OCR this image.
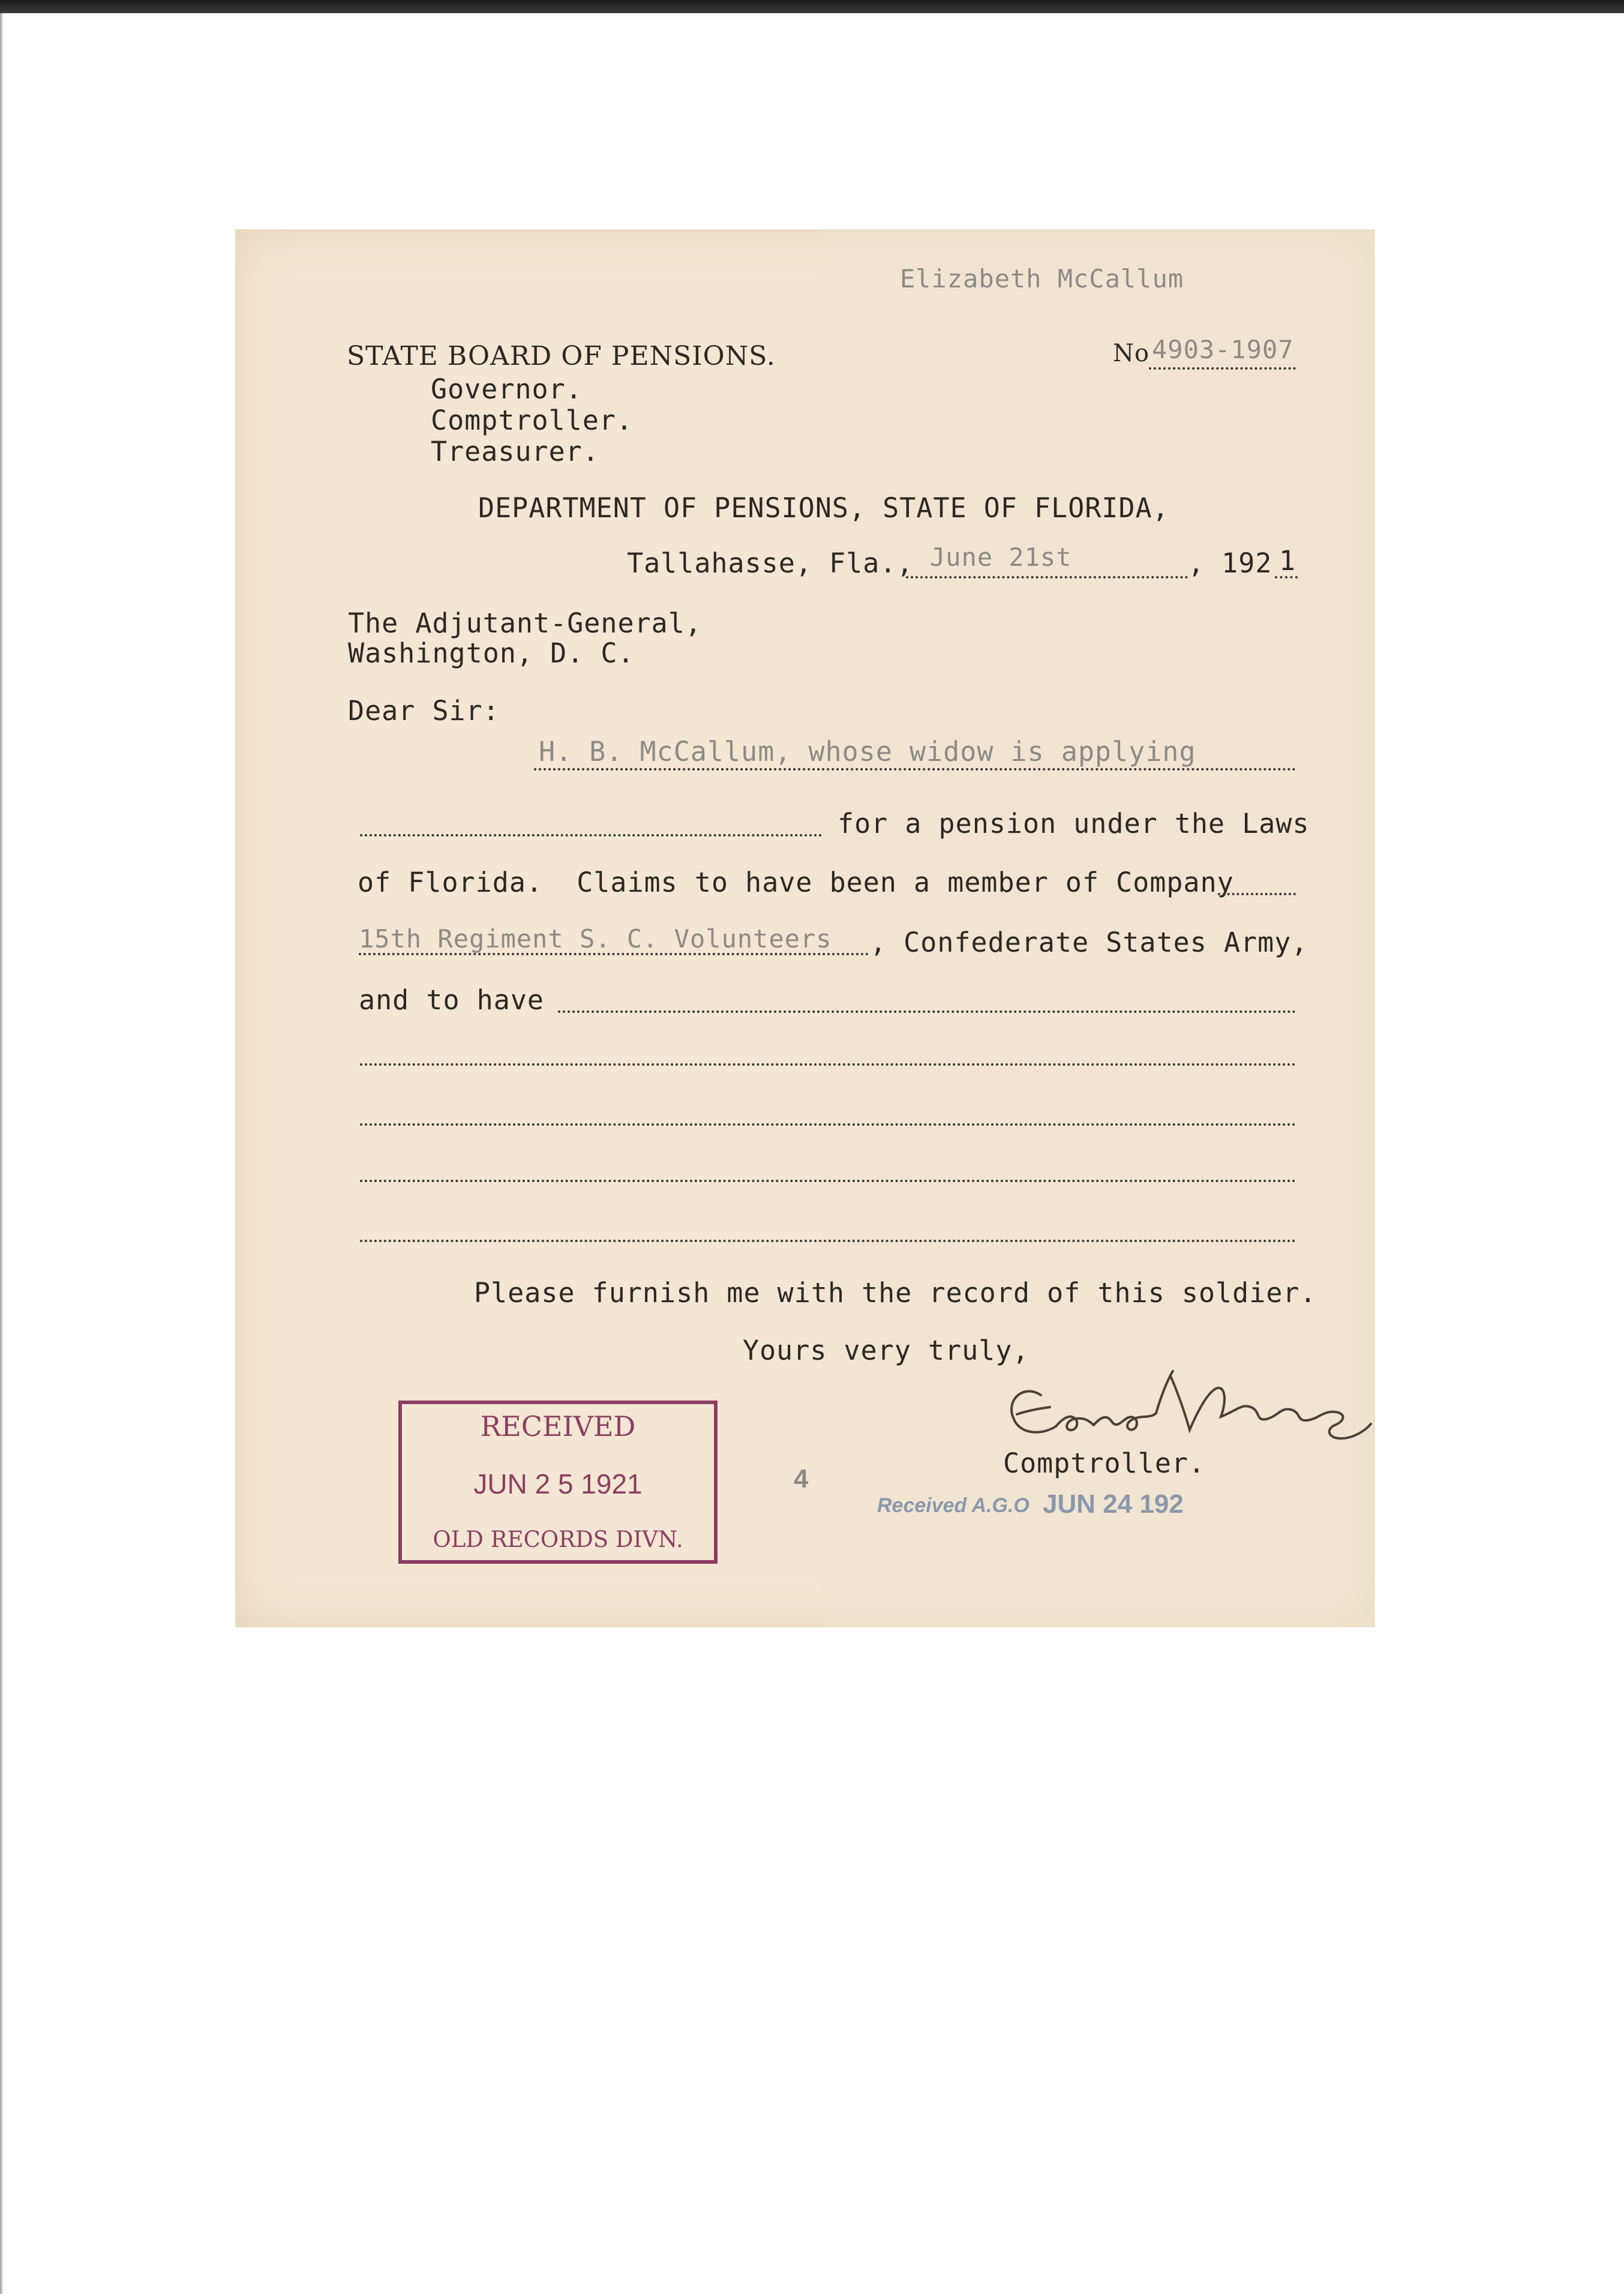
Elizabeth McCallum
STATE BOARD OF PENSIONS.
Governor.
Comptroller.
Treasurer.
No 4903-1907
DEPARTMENT OF PENSIONS, STATE OF FLORIDA,
Tallahasse, Fla., June 21st	, 192 1
The Adjutant-General,
Washington, D. C.
Dear Sir:
H. B. McCallum, whose widow is applying
for a pension under the Laws
of Florida.  Claims to have been a member of Company
15th Regiment S. C. Volunteers , Confederate States Army,
and to have
Please furnish me with the record of this soldier.
Yours very truly,
Comptroller.
RECEIVED
JUN 2 5 1921
OLD RECORDS DIVN.
4
Received A.G.O JUN 24 192
